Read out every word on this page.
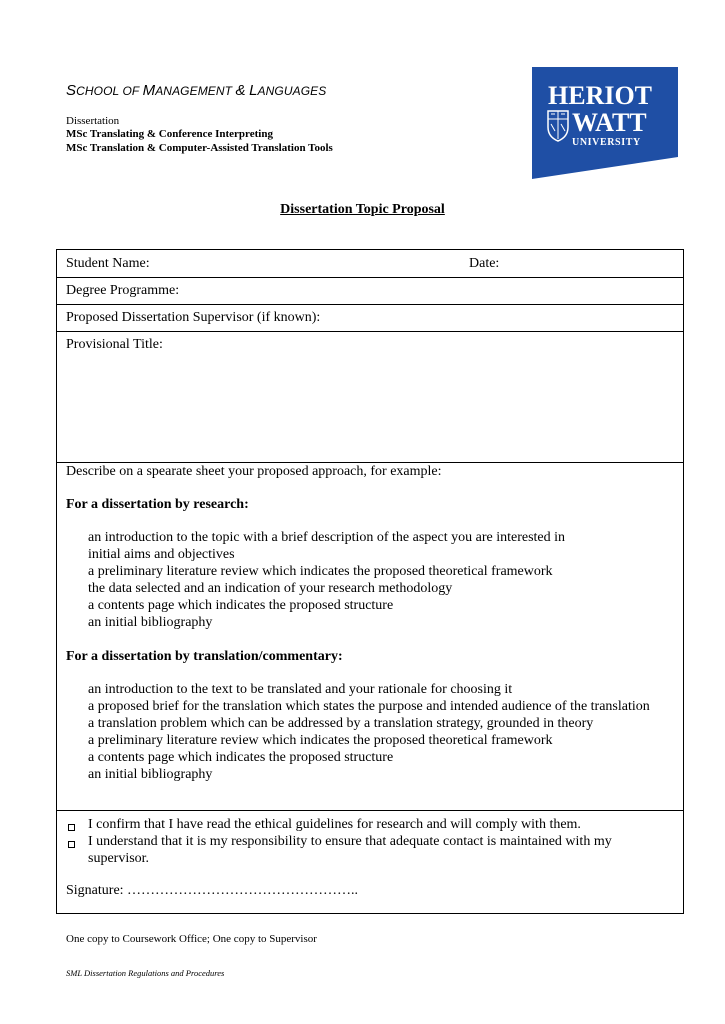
SCHOOL OF MANAGEMENT & LANGUAGES
Dissertation
MSc Translating & Conference Interpreting
MSc Translation & Computer-Assisted Translation Tools
HERIOT
WATT
UNIVERSITY
Dissertation Topic Proposal
Student Name:	Date:
Degree Programme:
Proposed Dissertation Supervisor (if known):
Provisional Title:
Describe on a spearate sheet your proposed approach, for example:
For a dissertation by research:
an introduction to the topic with a brief description of the aspect you are interested in
initial aims and objectives
a preliminary literature review which indicates the proposed theoretical framework
the data selected and an indication of your research methodology
a contents page which indicates the proposed structure
an initial bibliography
For a dissertation by translation/commentary:
an introduction to the text to be translated and your rationale for choosing it
a proposed brief for the translation which states the purpose and intended audience of the translation
a translation problem which can be addressed by a translation strategy, grounded in theory
a preliminary literature review which indicates the proposed theoretical framework
a contents page which indicates the proposed structure
an initial bibliography
I confirm that I have read the ethical guidelines for research and will comply with them.
I understand that it is my responsibility to ensure that adequate contact is maintained with my
supervisor.
Signature: …………………………………………..
One copy to Coursework Office; One copy to Supervisor
SML Dissertation Regulations and Procedures
